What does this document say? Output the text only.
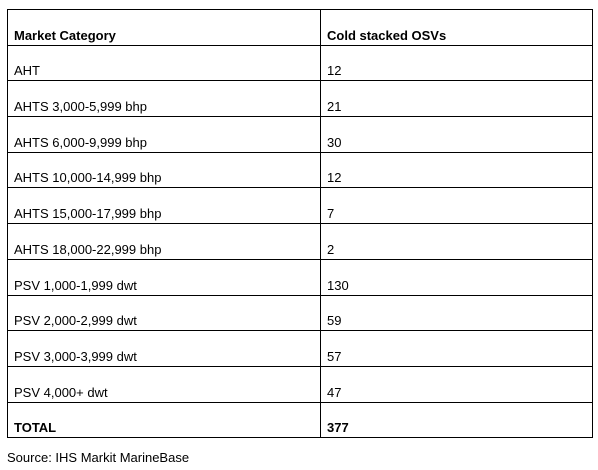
Market Category	Cold stacked OSVs

AHT	12

AHTS 3,000-5,999 bhp	21

AHTS 6,000-9,999 bhp	30

AHTS 10,000-14,999 bhp	12

AHTS 15,000-17,999 bhp	7

AHTS 18,000-22,999 bhp	2

PSV 1,000-1,999 dwt	130

PSV 2,000-2,999 dwt	59

PSV 3,000-3,999 dwt	57

PSV 4,000+ dwt	47

TOTAL	377
Source: IHS Markit MarineBase
